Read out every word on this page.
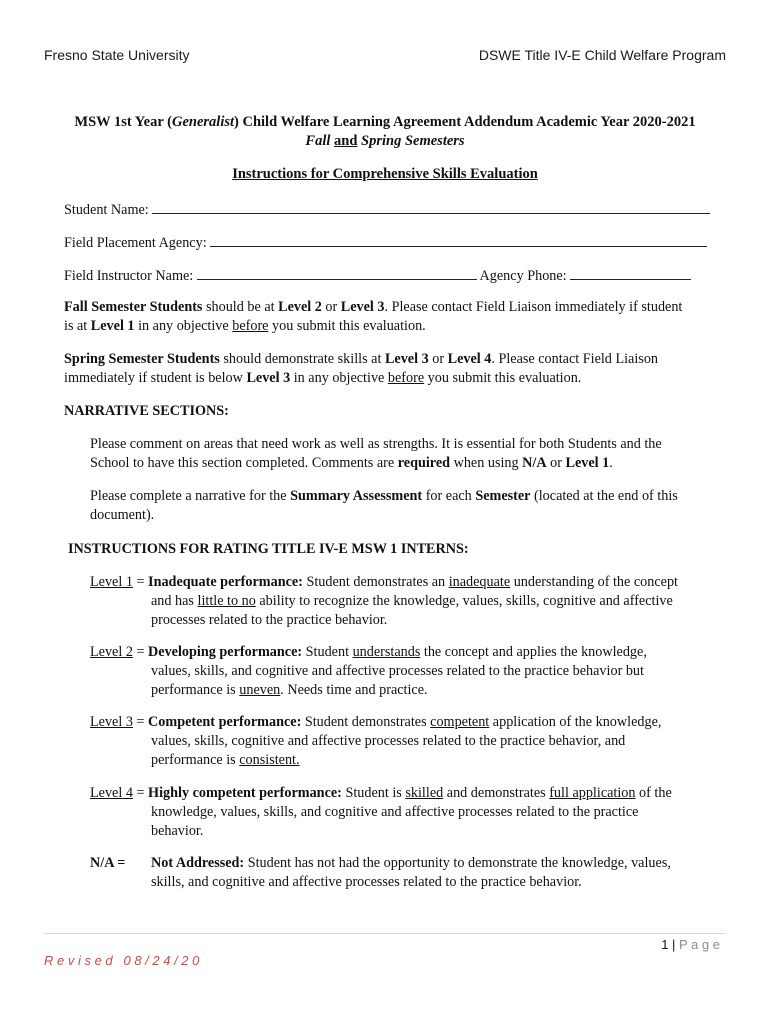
Fresno State University	DSWE Title IV-E Child Welfare Program
MSW 1st Year (Generalist) Child Welfare Learning Agreement Addendum Academic Year 2020-2021
Fall and Spring Semesters
Instructions for Comprehensive Skills Evaluation
Student Name:
Field Placement Agency:
Field Instructor Name:	Agency Phone:
Fall Semester Students should be at Level 2 or Level 3. Please contact Field Liaison immediately if student
is at Level 1 in any objective before you submit this evaluation.
Spring Semester Students should demonstrate skills at Level 3 or Level 4. Please contact Field Liaison
immediately if student is below Level 3 in any objective before you submit this evaluation.
NARRATIVE SECTIONS:
Please comment on areas that need work as well as strengths. It is essential for both Students and the
School to have this section completed. Comments are required when using N/A or Level 1.
Please complete a narrative for the Summary Assessment for each Semester (located at the end of this
document).
INSTRUCTIONS FOR RATING TITLE IV-E MSW 1 INTERNS:
Level 1 = Inadequate performance: Student demonstrates an inadequate understanding of the concept
and has little to no ability to recognize the knowledge, values, skills, cognitive and affective
processes related to the practice behavior.
Level 2 = Developing performance: Student understands the concept and applies the knowledge,
values, skills, and cognitive and affective processes related to the practice behavior but
performance is uneven. Needs time and practice.
Level 3 = Competent performance: Student demonstrates competent application of the knowledge,
values, skills, cognitive and affective processes related to the practice behavior, and
performance is consistent.
Level 4 = Highly competent performance: Student is skilled and demonstrates full application of the
knowledge, values, skills, and cognitive and affective processes related to the practice
behavior.
N/A = Not Addressed: Student has not had the opportunity to demonstrate the knowledge, values,
skills, and cognitive and affective processes related to the practice behavior.
1 | P a g e
R e v i s e d   0 8 / 2 4 / 2 0
